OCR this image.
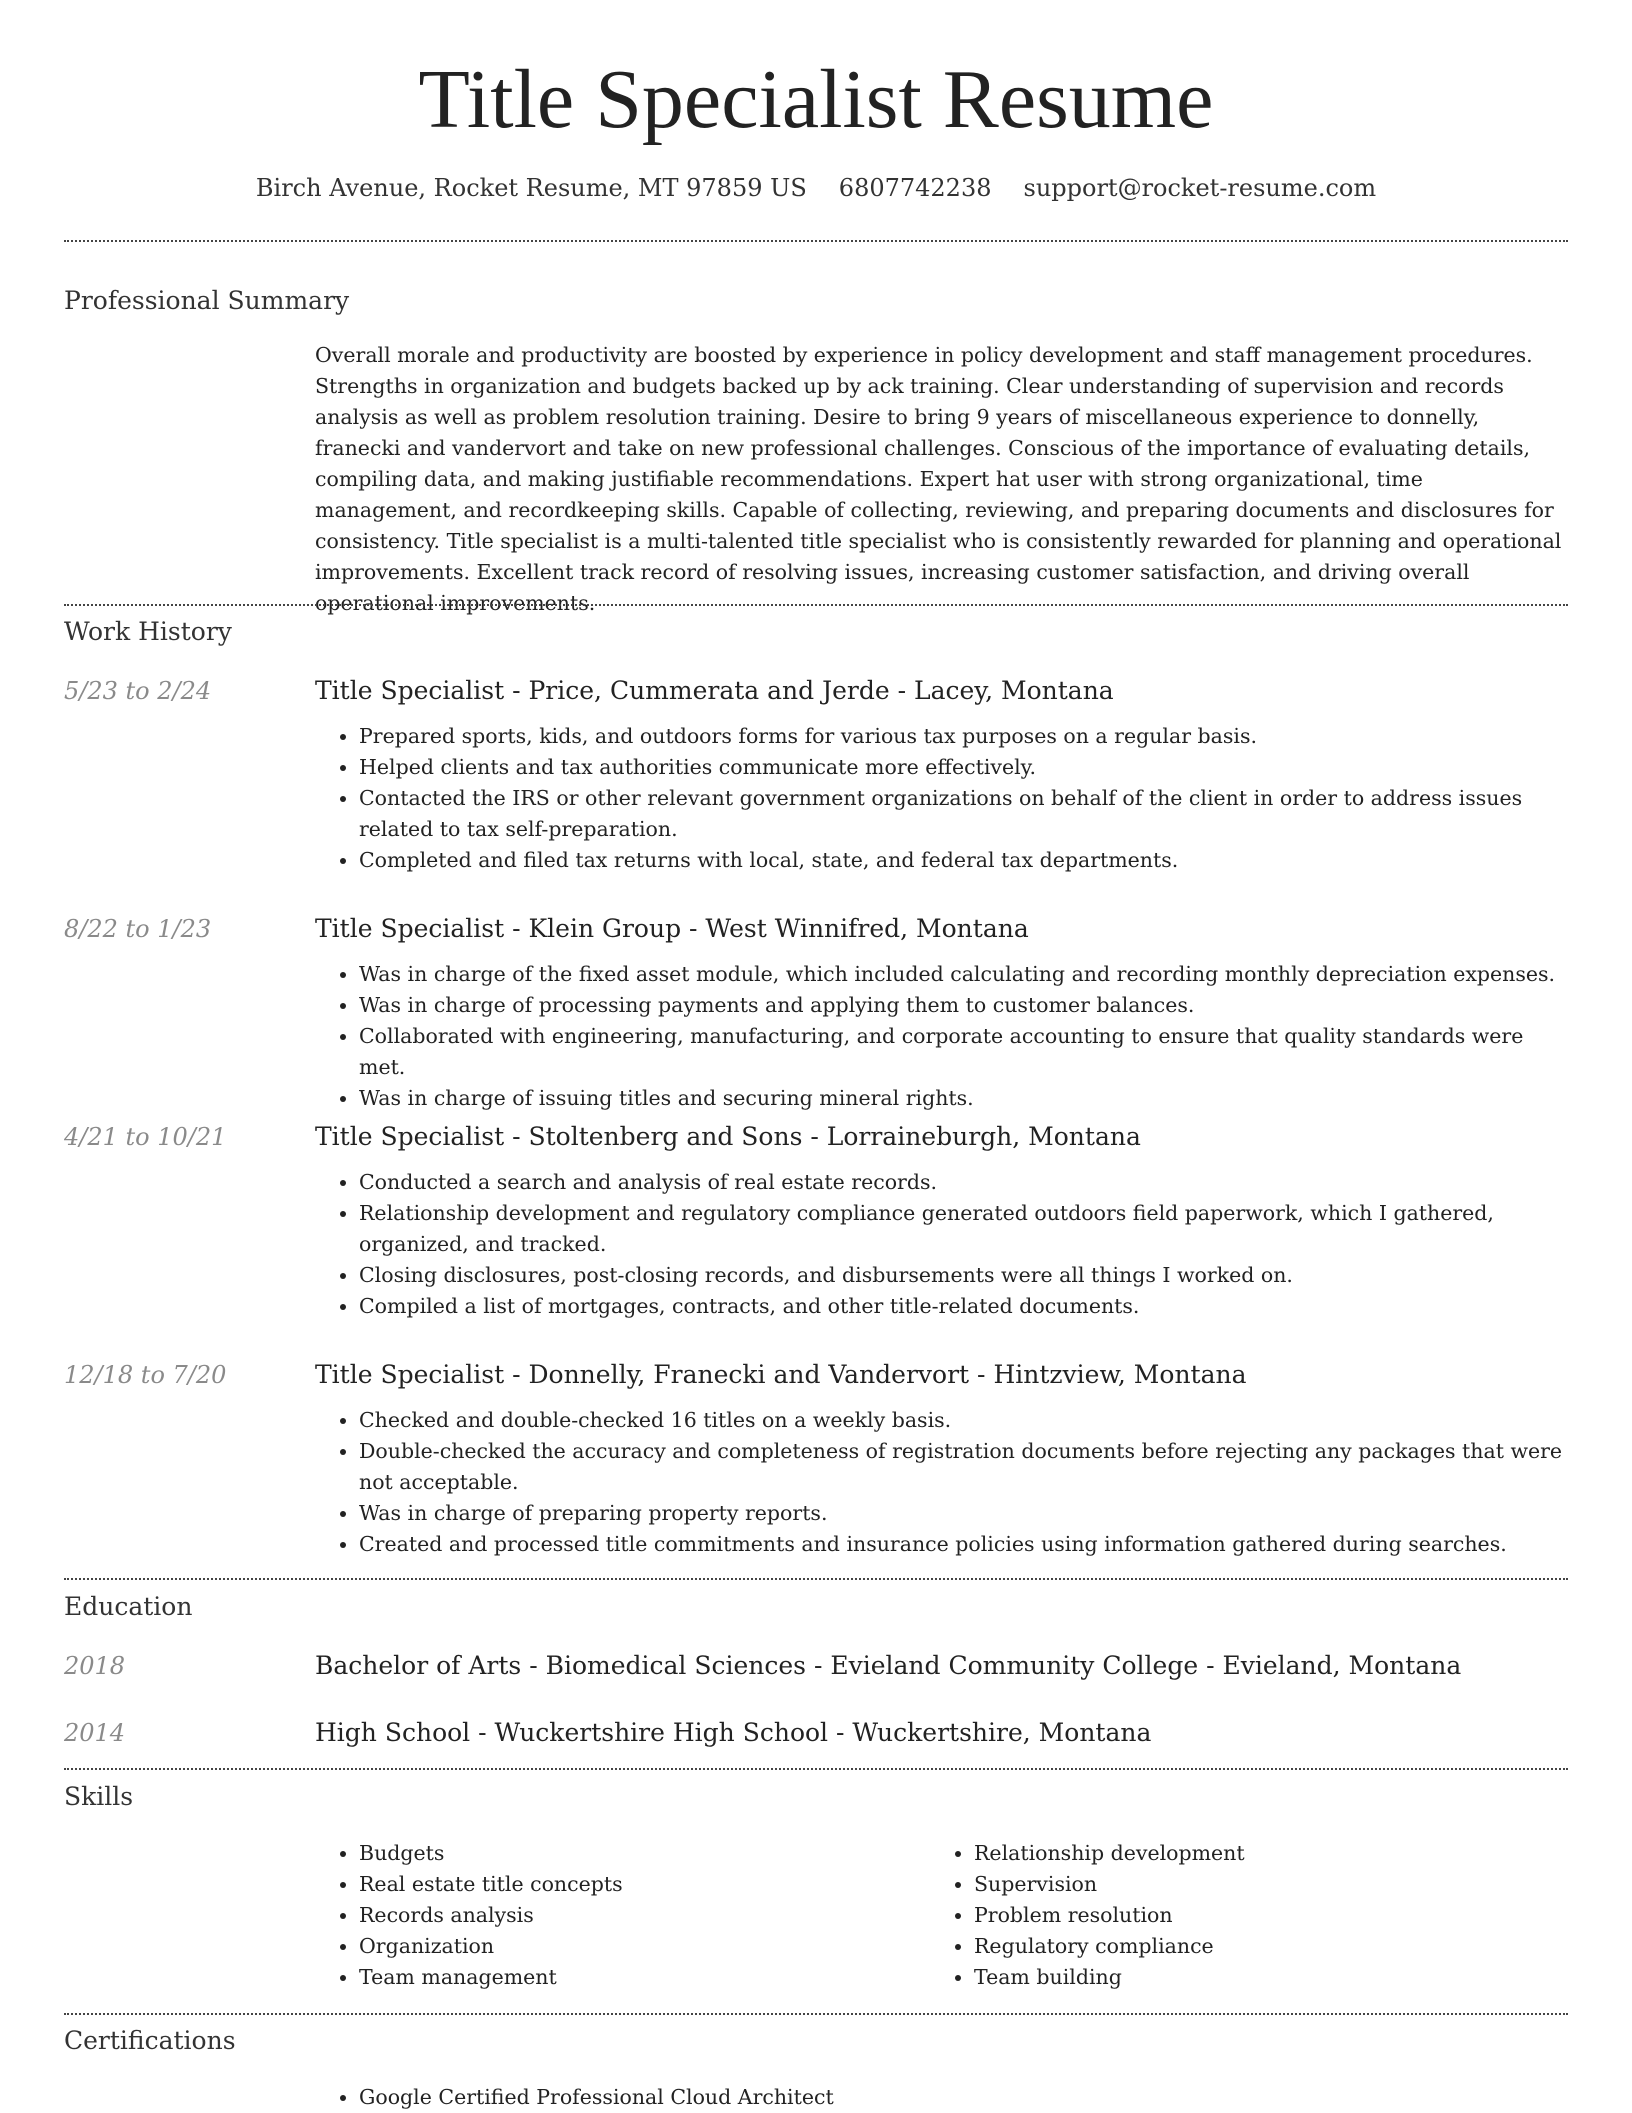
Title Specialist Resume
Birch Avenue, Rocket Resume, MT 97859 US 6807742238 support@rocket-resume.com
Professional Summary

Overall morale and productivity are boosted by experience in policy development and staff management procedures. Strengths in organization and budgets backed up by ack training. Clear understanding of supervision and records analysis as well as problem resolution training. Desire to bring 9 years of miscellaneous experience to donnelly, franecki and vandervort and take on new professional challenges. Conscious of the importance of evaluating details, compiling data, and making justifiable recommendations. Expert hat user with strong organizational, time management, and recordkeeping skills. Capable of collecting, reviewing, and preparing documents and disclosures for consistency. Title specialist is a multi-talented title specialist who is consistently rewarded for planning and operational improvements. Excellent track record of resolving issues, increasing customer satisfaction, and driving overall operational improvements.

Work History
5/23 to 2/24	Title Specialist - Price, Cummerata and Jerde - Lacey, Montana
• Prepared sports, kids, and outdoors forms for various tax purposes on a regular basis.
• Helped clients and tax authorities communicate more effectively.
• Contacted the IRS or other relevant government organizations on behalf of the client in order to address issues related to tax self-preparation.
• Completed and filed tax returns with local, state, and federal tax departments.
8/22 to 1/23	Title Specialist - Klein Group - West Winnifred, Montana
• Was in charge of the fixed asset module, which included calculating and recording monthly depreciation expenses.
• Was in charge of processing payments and applying them to customer balances.
• Collaborated with engineering, manufacturing, and corporate accounting to ensure that quality standards were met.
• Was in charge of issuing titles and securing mineral rights.
4/21 to 10/21	Title Specialist - Stoltenberg and Sons - Lorraineburgh, Montana
• Conducted a search and analysis of real estate records.
• Relationship development and regulatory compliance generated outdoors field paperwork, which I gathered, organized, and tracked.
• Closing disclosures, post-closing records, and disbursements were all things I worked on.
• Compiled a list of mortgages, contracts, and other title-related documents.
12/18 to 7/20	Title Specialist - Donnelly, Franecki and Vandervort - Hintzview, Montana
• Checked and double-checked 16 titles on a weekly basis.
• Double-checked the accuracy and completeness of registration documents before rejecting any packages that were not acceptable.
• Was in charge of preparing property reports.
• Created and processed title commitments and insurance policies using information gathered during searches.
Education
2018	Bachelor of Arts - Biomedical Sciences - Evieland Community College - Evieland, Montana
2014	High School - Wuckertshire High School - Wuckertshire, Montana
Skills
• Budgets
• Real estate title concepts
• Records analysis
• Organization
• Team management
• Relationship development
• Supervision
• Problem resolution
• Regulatory compliance
• Team building
Certifications
• Google Certified Professional Cloud Architect
